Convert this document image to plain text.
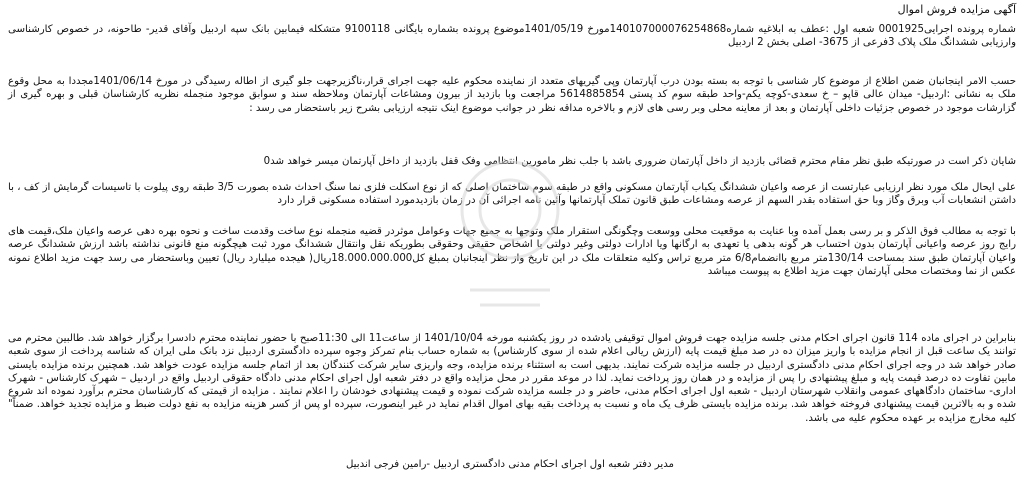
آگهی مزایده فروش اموال

شماره پرونده اجرایی0001925 شعبه اول :عطف به ابلاغیه شماره140107000076254868مورخ 1401/05/19موضوع پرونده بشماره بایگانی 9100118 متشکله فیمابین بانک سپه اردبیل وآقای قدیر- طاحونه، در خصوص کارشناسی وارزیابی ششدانگ ملک پلاک 3فرعی از 3675- اصلی بخش 2 اردبیل

حسب الامر اینجانبان ضمن اطلاع از موضوع کار شناسی با توجه به بسته بودن درب آپارتمان وپی گیریهای متعدد از نماینده محکوم علیه جهت اجرای قرار،ناگزیرجهت جلو گیری از اطاله رسیدگی در مورخ 1401/06/14مجددا به محل وقوع ملک به نشانی :اردبیل- میدان عالی قاپو – خ سعدی-کوچه یکم-واحد طبقه سوم کد پستی 5614885854 مراجعت وبا بازدید از بیرون ومشاعات آپارتمان وملاحظه سند و سوابق موجود منجمله نظریه کارشناسان قبلی و بهره گیری از گزارشات موجود در خصوص جزئیات داخلی آپارتمان و بعد از معاینه محلی وبر رسی های لازم و بالاخره مداقه نظر در جوانب موضوع اینک نتیجه ارزیابی بشرح زیر باستحضار می رسد :

شایان ذکر است در صورتیکه طبق نظر مقام محترم قضائی بازدید از داخل آپارتمان ضروری باشد با جلب نظر مامورین انتظامی وفک قفل بازدید از داخل آپارتمان میسر خواهد شد0

علی ایحال ملک مورد نظر ارزیابی عبارتست از عرصه واعیان ششدانگ یکباب آپارتمان مسکونی واقع در طبقه سوم ساختمان اصلی که از نوع اسکلت فلزی نما سنگ احداث شده بصورت 3/5 طبقه روی پیلوت با تاسیسات گرمایش از کف ، با داشتن انشعابات آب وبرق وگاز وبا حق استفاده بقدر السهم از عرصه ومشاعات طبق قانون تملک آپارتمانها وآئین نامه اجرائی آن در زمان بازدیدمورد استفاده مسکونی قرار دارد

با توجه به مطالب فوق الذکر و بر رسی بعمل آمده وبا عنایت به موقعیت محلی ووسعت وچگونگی استقرار ملک وتوجها به جمیع جهات وعوامل موثردر قضیه منجمله نوع ساخت وقدمت ساخت و نحوه بهره دهی عرصه واعیان ملک،قیمت های رایج روز عرصه واعیانی آپارتمان بدون احتساب هر گونه بدهی یا تعهدی به ارگانها ویا ادارات دولتی وغیر دولتی یا اشخاص حقیقی وحقوقی بطوریکه نقل وانتقال ششدانگ مورد ثبت هیچگونه منع قانونی نداشته باشد ارزش ششدانگ عرصه واعیان آپارتمان طبق سند بمساحت 130/14متر مربع باانضمام6/8 متر مربع تراس وکلیه متعلقات ملک در این تاریخ واز نظر اینجانبان بمبلغ کل18.000.000.000ریال( هیجده میلیارد ریال) تعیین وباستحضار می رسد جهت مزید اطلاع نمونه عکس از نما ومختصات محلی آپارتمان جهت مزید اطلاع به پیوست میباشد

بنابراین در اجرای ماده 114 قانون اجرای احکام مدنی جلسه مزایده جهت فروش اموال توقیفی یادشده در روز یکشنبه مورخه 1401/10/04 از ساعت11 الی 11:30صبح با حضور نماینده محترم دادسرا برگزار خواهد شد. طالبین محترم می توانند یک ساعت قبل از انجام مزایده با واریز میزان ده در صد مبلغ قیمت پایه (ارزش ریالی اعلام شده از سوی کارشناس) به شماره حساب بنام تمرکز وجوه سپرده دادگستری اردبیل نزد بانک ملی ایران که شناسه پرداخت از سوی شعبه صادر خواهد شد در وجه اجرای احکام مدنی دادگستری اردبیل در جلسه مزایده شرکت نمایند. بدیهی است به استثناء برنده مزایده، وجه واریزی سایر شرکت کنندگان بعد از اتمام جلسه مزایده عودت خواهد شد. همچنین برنده مزایده بایستی مابین تفاوت ده درصد قیمت پایه و مبلغ پیشنهادی را پس از مزایده و در همان روز پرداخت نماید. لذا در موعد مقرر در محل مزایده واقع در دفتر شعبه اول اجرای احکام مدنی دادگاه حقوقی اردبیل واقع در اردبیل – شهرک کارشناس - شهرک اداری- ساختمان دادگاههای عمومی وانقلاب شهرستان اردبیل - شعبه اول اجرای احکام مدنی، حاضر و در جلسه مزایده شرکت نموده و قیمت پیشنهادی خودشان را اعلام نمایند . مزایده از قیمتی که کارشناسان محترم برآورد نموده اند شروع شده و به بالاترین قیمت پیشنهادی فروخته خواهد شد. برنده مزایده بایستی ظرف یک ماه و نسبت به پرداخت بقیه بهای اموال اقدام نماید در غیر اینصورت، سپرده او پس از کسر هزینه مزایده به نفع دولت ضبط و مزایده تجدید خواهد. ضمناً" کلیه مخارج مزایده بر عهده محکوم علیه می باشد.

مدیر دفتر شعبه اول اجرای احکام مدنی دادگستری اردبیل -رامین فرجی اندبیل
